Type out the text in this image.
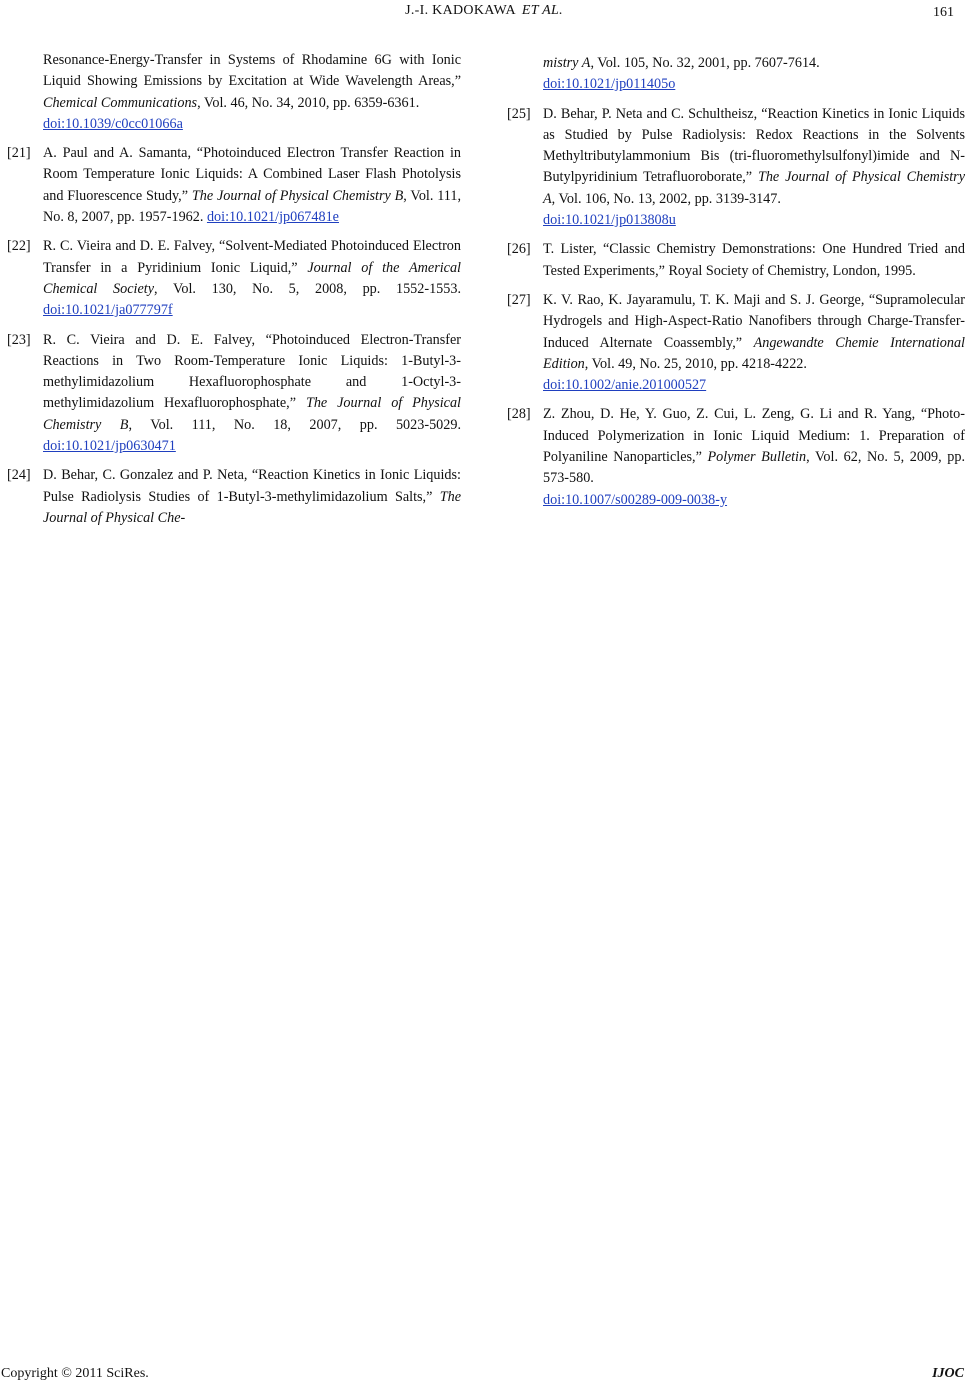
J.-I. KADOKAWA ET AL.	161
Resonance-Energy-Transfer in Systems of Rhodamine 6G with Ionic Liquid Showing Emissions by Excitation at Wide Wavelength Areas,” Chemical Communications, Vol. 46, No. 34, 2010, pp. 6359-6361.
doi:10.1039/c0cc01066a
[21] A. Paul and A. Samanta, “Photoinduced Electron Transfer Reaction in Room Temperature Ionic Liquids: A Combined Laser Flash Photolysis and Fluorescence Study,” The Journal of Physical Chemistry B, Vol. 111, No. 8, 2007, pp. 1957-1962. doi:10.1021/jp067481e
[22] R. C. Vieira and D. E. Falvey, “Solvent-Mediated Photoinduced Electron Transfer in a Pyridinium Ionic Liquid,” Journal of the Americal Chemical Society, Vol. 130, No. 5, 2008, pp. 1552-1553. doi:10.1021/ja077797f
[23] R. C. Vieira and D. E. Falvey, “Photoinduced Electron-Transfer Reactions in Two Room-Temperature Ionic Liquids: 1-Butyl-3-methylimidazolium Hexafluorophosphate and 1-Octyl-3-methylimidazolium Hexafluorophosphate,” The Journal of Physical Chemistry B, Vol. 111, No. 18, 2007, pp. 5023-5029. doi:10.1021/jp0630471
[24] D. Behar, C. Gonzalez and P. Neta, “Reaction Kinetics in Ionic Liquids: Pulse Radiolysis Studies of 1-Butyl-3-methylimidazolium Salts,” The Journal of Physical Che-
mistry A, Vol. 105, No. 32, 2001, pp. 7607-7614.
doi:10.1021/jp011405o
[25] D. Behar, P. Neta and C. Schultheisz, “Reaction Kinetics in Ionic Liquids as Studied by Pulse Radiolysis: Redox Reactions in the Solvents Methyltributylammonium Bis (tri-fluoromethylsulfonyl)imide and N-Butylpyridinium Tetrafluoroborate,” The Journal of Physical Chemistry A, Vol. 106, No. 13, 2002, pp. 3139-3147.
doi:10.1021/jp013808u
[26] T. Lister, “Classic Chemistry Demonstrations: One Hundred Tried and Tested Experiments,” Royal Society of Chemistry, London, 1995.
[27] K. V. Rao, K. Jayaramulu, T. K. Maji and S. J. George, “Supramolecular Hydrogels and High-Aspect-Ratio Nanofibers through Charge-Transfer-Induced Alternate Coassembly,” Angewandte Chemie International Edition, Vol. 49, No. 25, 2010, pp. 4218-4222.
doi:10.1002/anie.201000527
[28] Z. Zhou, D. He, Y. Guo, Z. Cui, L. Zeng, G. Li and R. Yang, “Photo-Induced Polymerization in Ionic Liquid Medium: 1. Preparation of Polyaniline Nanoparticles,” Polymer Bulletin, Vol. 62, No. 5, 2009, pp. 573-580.
doi:10.1007/s00289-009-0038-y
Copyright © 2011 SciRes.	IJOC
